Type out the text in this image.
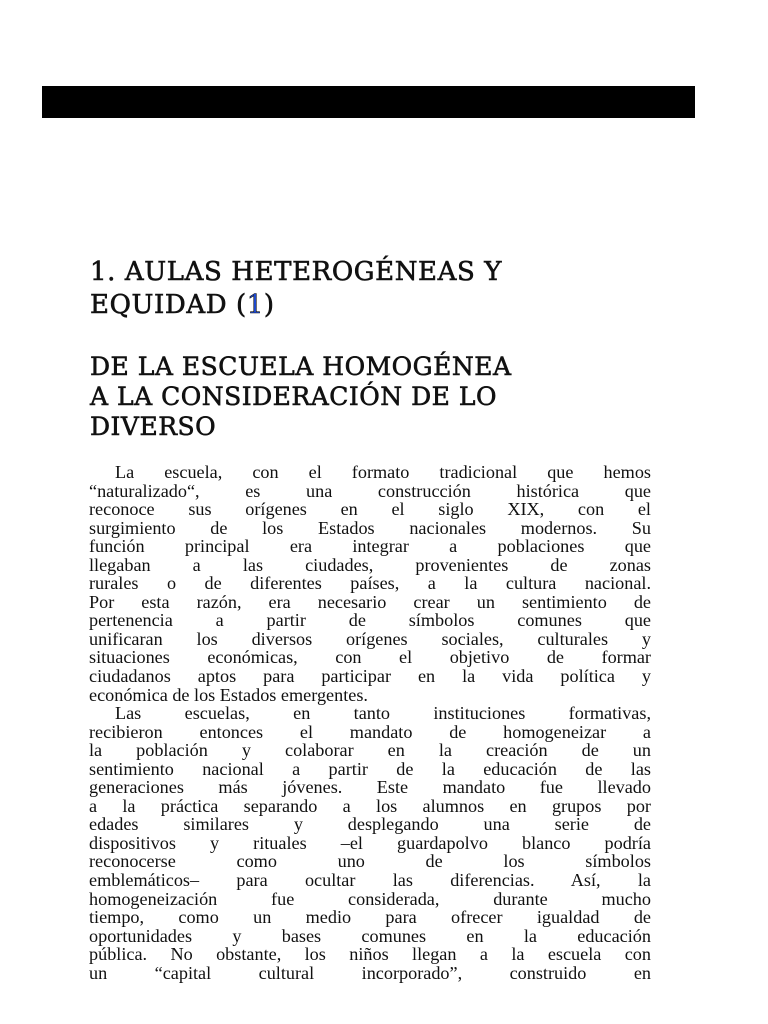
1. AULAS HETEROGÉNEAS Y
EQUIDAD (1)
DE LA ESCUELA HOMOGÉNEA
A LA CONSIDERACIÓN DE LO
DIVERSO
La escuela, con el formato tradicional que hemos
“naturalizado“, es una construcción histórica que
reconoce sus orígenes en el siglo XIX, con el
surgimiento de los Estados nacionales modernos. Su
función principal era integrar a poblaciones que
llegaban a las ciudades, provenientes de zonas
rurales o de diferentes países, a la cultura nacional.
Por esta razón, era necesario crear un sentimiento de
pertenencia a partir de símbolos comunes que
unificaran los diversos orígenes sociales, culturales y
situaciones económicas, con el objetivo de formar
ciudadanos aptos para participar en la vida política y
económica de los Estados emergentes.
Las escuelas, en tanto instituciones formativas,
recibieron entonces el mandato de homogeneizar a
la población y colaborar en la creación de un
sentimiento nacional a partir de la educación de las
generaciones más jóvenes. Este mandato fue llevado
a la práctica separando a los alumnos en grupos por
edades similares y desplegando una serie de
dispositivos y rituales –el guardapolvo blanco podría
reconocerse como uno de los símbolos
emblemáticos– para ocultar las diferencias. Así, la
homogeneización fue considerada, durante mucho
tiempo, como un medio para ofrecer igualdad de
oportunidades y bases comunes en la educación
pública. No obstante, los niños llegan a la escuela con
un “capital cultural incorporado”, construido en
